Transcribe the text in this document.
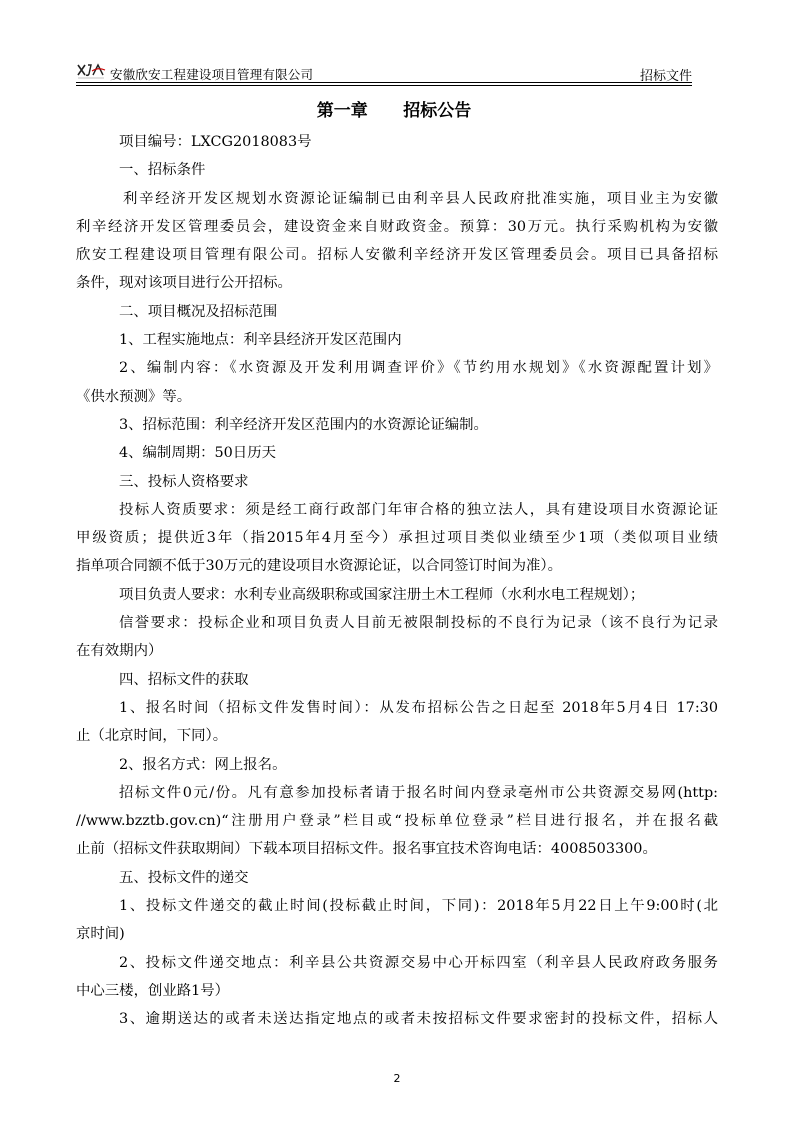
安徽欣安工程建设项目管理有限公司	招标文件
第一章      招标公告
项目编号：LXCG2018083号
一、招标条件
利辛经济开发区规划水资源论证编制已由利辛县人民政府批准实施，项目业主为安徽
利辛经济开发区管理委员会，建设资金来自财政资金。预算：30万元。执行采购机构为安徽
欣安工程建设项目管理有限公司。招标人安徽利辛经济开发区管理委员会。项目已具备招标
条件，现对该项目进行公开招标。
二、项目概况及招标范围
1、工程实施地点：利辛县经济开发区范围内
2、编制内容：《水资源及开发利用调查评价》《节约用水规划》《水资源配置计划》
《供水预测》等。
3、招标范围：利辛经济开发区范围内的水资源论证编制。
4、编制周期：50日历天
三、投标人资格要求
投标人资质要求：须是经工商行政部门年审合格的独立法人，具有建设项目水资源论证
甲级资质；提供近3年（指2015年4月至今）承担过项目类似业绩至少1项（类似项目业绩
指单项合同额不低于30万元的建设项目水资源论证，以合同签订时间为准）。
项目负责人要求：水利专业高级职称或国家注册土木工程师（水利水电工程规划）；
信誉要求：投标企业和项目负责人目前无被限制投标的不良行为记录（该不良行为记录
在有效期内）
四、招标文件的获取
1、报名时间（招标文件发售时间）：从发布招标公告之日起至 2018年5月4日 17:30
止（北京时间，下同）。
2、报名方式：网上报名。
招标文件0元/份。凡有意参加投标者请于报名时间内登录亳州市公共资源交易网(http:
//www.bzztb.gov.cn)“注册用户登录”栏目或“投标单位登录”栏目进行报名，并在报名截
止前（招标文件获取期间）下载本项目招标文件。报名事宜技术咨询电话：4008503300。
五、投标文件的递交
1、投标文件递交的截止时间(投标截止时间，下同)：2018年5月22日上午9:00时(北
京时间)
2、投标文件递交地点：利辛县公共资源交易中心开标四室（利辛县人民政府政务服务
中心三楼，创业路1号）
3、逾期送达的或者未送达指定地点的或者未按招标文件要求密封的投标文件，招标人
2
